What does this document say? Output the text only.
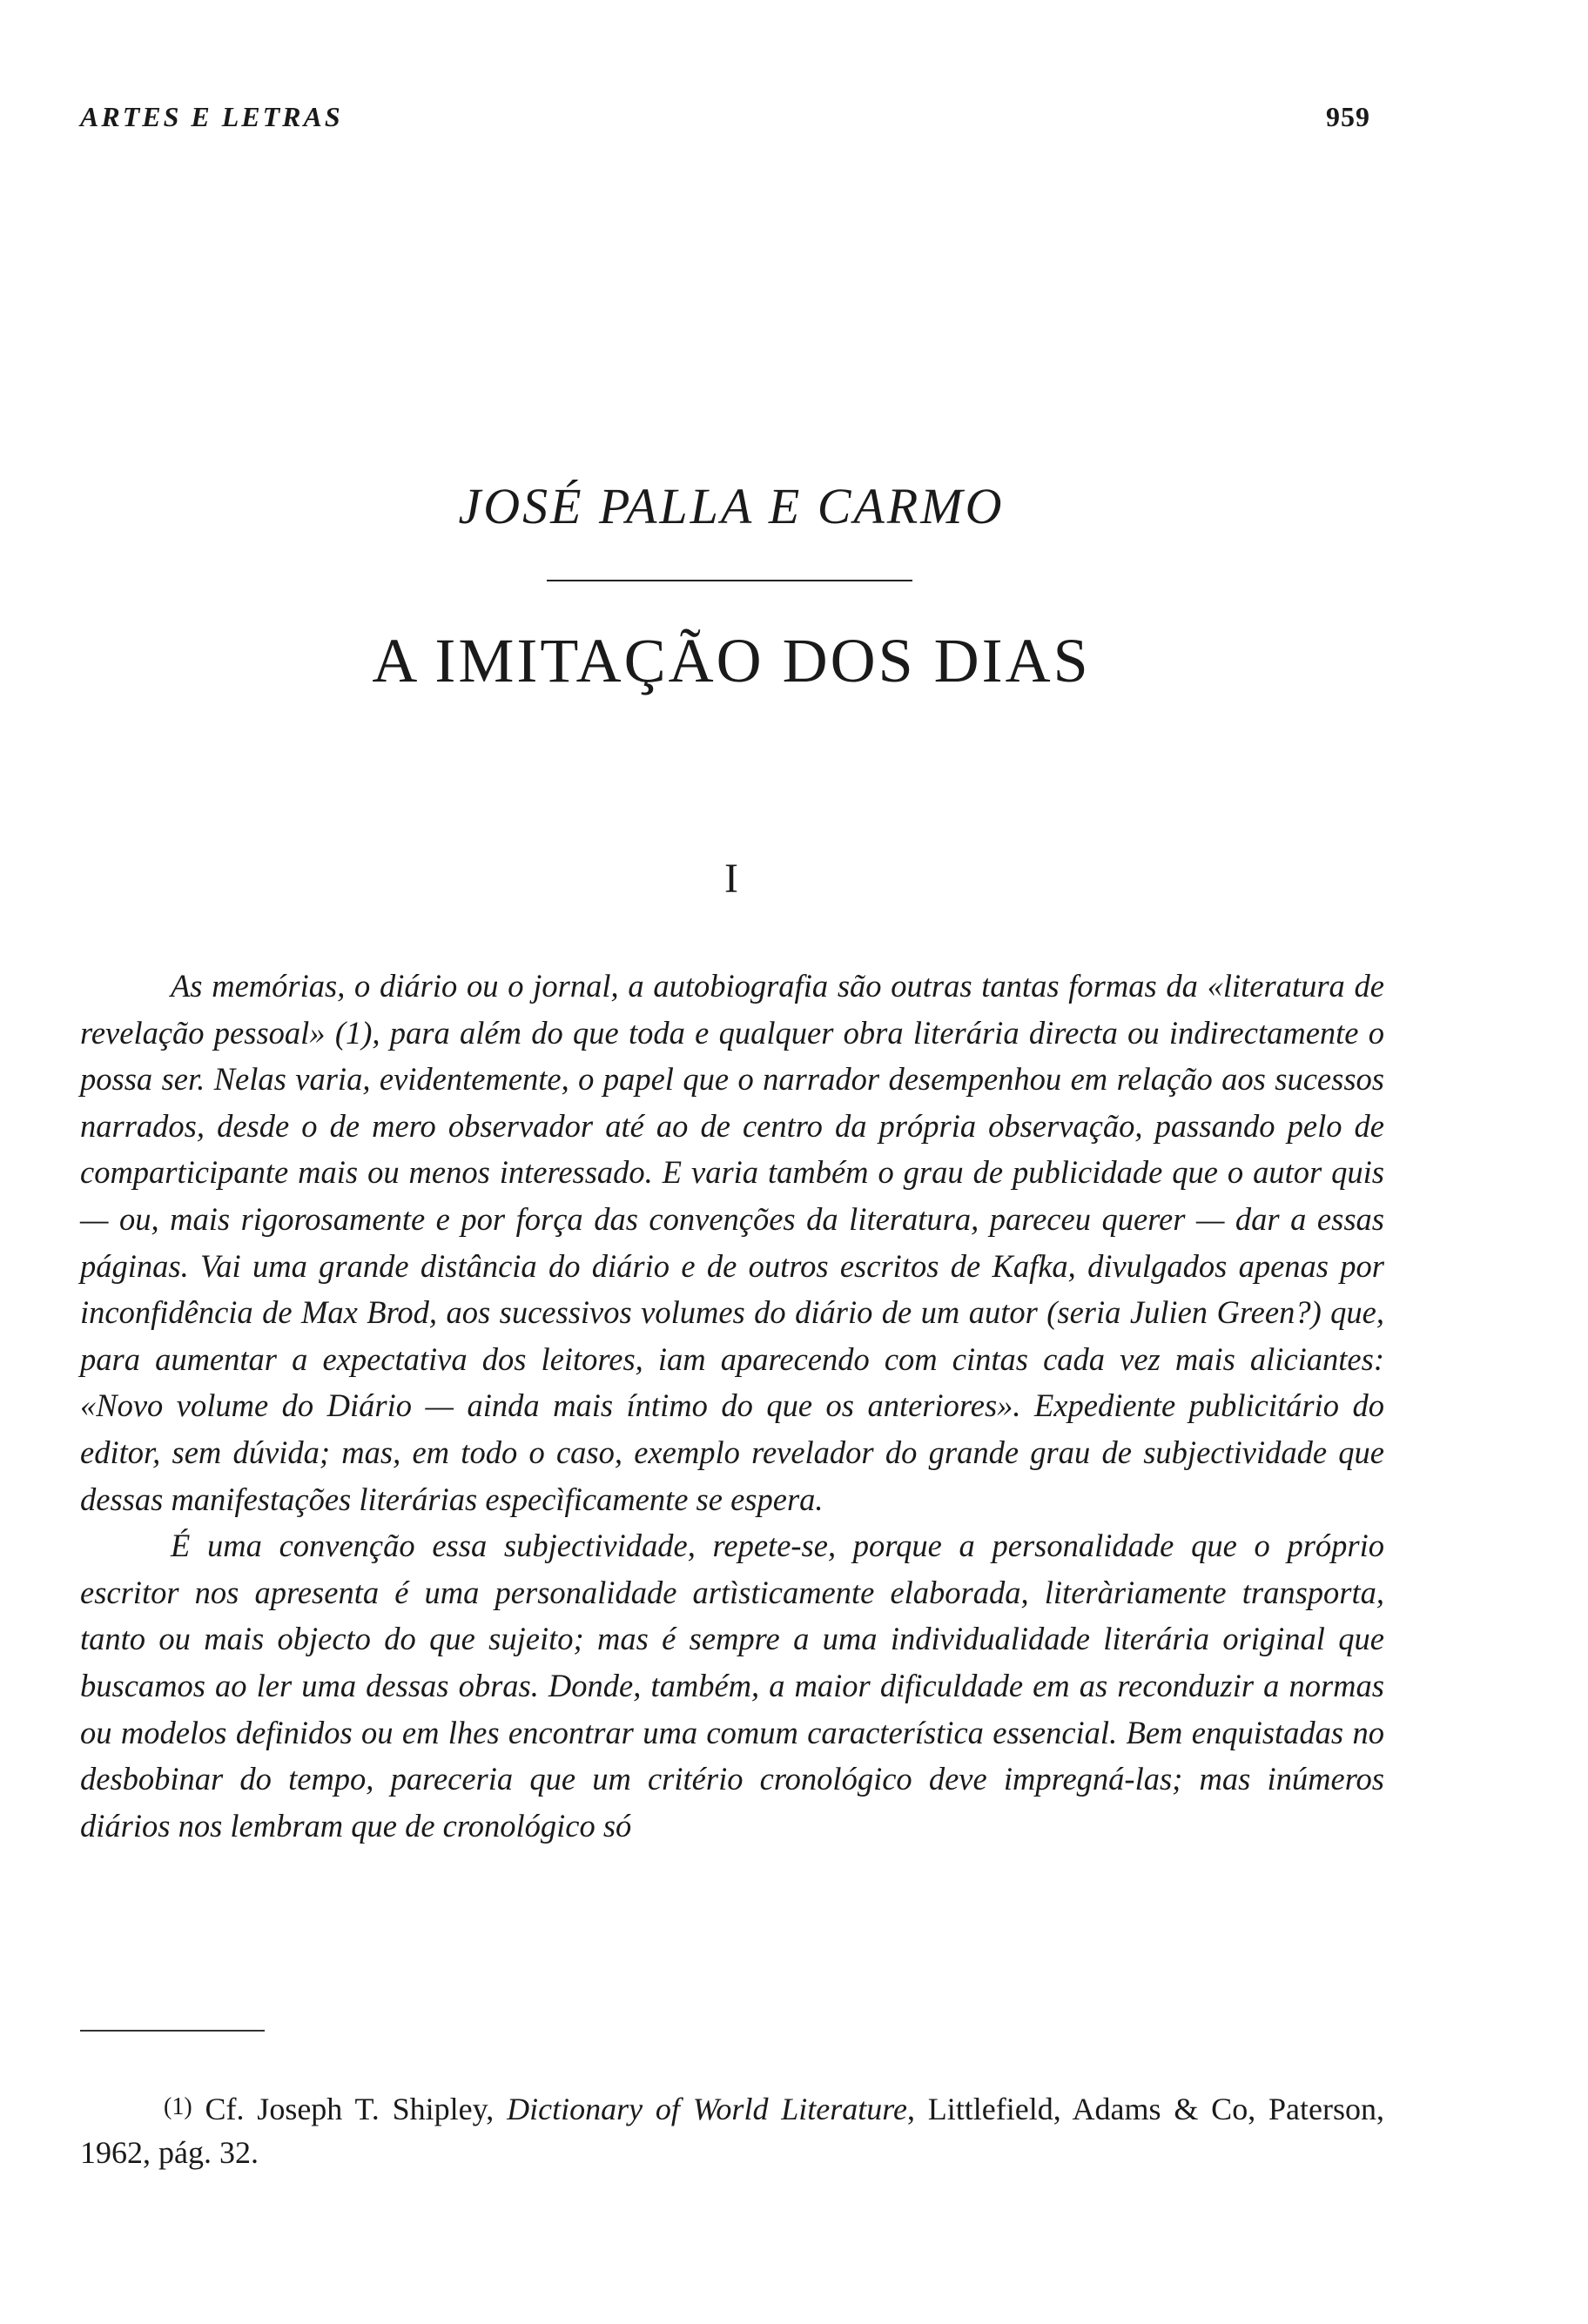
ARTES E LETRAS	959
JOSÉ PALLA E CARMO
A IMITAÇÃO DOS DIAS
I

As memórias, o diário ou o jornal, a autobiografia são outras tantas formas da «literatura de revelação pessoal» (1), para além do que toda e qualquer obra literária directa ou indirectamente o possa ser. Nelas varia, evidentemente, o papel que o narrador desempenhou em relação aos sucessos narrados, desde o de mero observador até ao de centro da própria observação, passando pelo de comparticipante mais ou menos interessado. E varia também o grau de publicidade que o autor quis — ou, mais rigorosamente e por força das convenções da literatura, pareceu querer — dar a essas páginas. Vai uma grande distância do diário e de outros escritos de Kafka, divulgados apenas por inconfidência de Max Brod, aos sucessivos volumes do diário de um autor (seria Julien Green?) que, para aumentar a expectativa dos leitores, iam aparecendo com cintas cada vez mais aliciantes: «Novo volume do Diário — ainda mais íntimo do que os anteriores». Expediente publicitário do editor, sem dúvida; mas, em todo o caso, exemplo revelador do grande grau de subjectividade que dessas manifestações literárias especìficamente se espera.

É uma convenção essa subjectividade, repete-se, porque a personalidade que o próprio escritor nos apresenta é uma personalidade artìsticamente elaborada, literàriamente transporta, tanto ou mais objecto do que sujeito; mas é sempre a uma individualidade literária original que buscamos ao ler uma dessas obras. Donde, também, a maior dificuldade em as reconduzir a normas ou modelos definidos ou em lhes encontrar uma comum característica essencial. Bem enquistadas no desbobinar do tempo, pareceria que um critério cronológico deve impregná-las; mas inúmeros diários nos lembram que de cronológico só

(1) Cf. Joseph T. Shipley, Dictionary of World Literature, Littlefield, Adams & Co, Paterson, 1962, pág. 32.
